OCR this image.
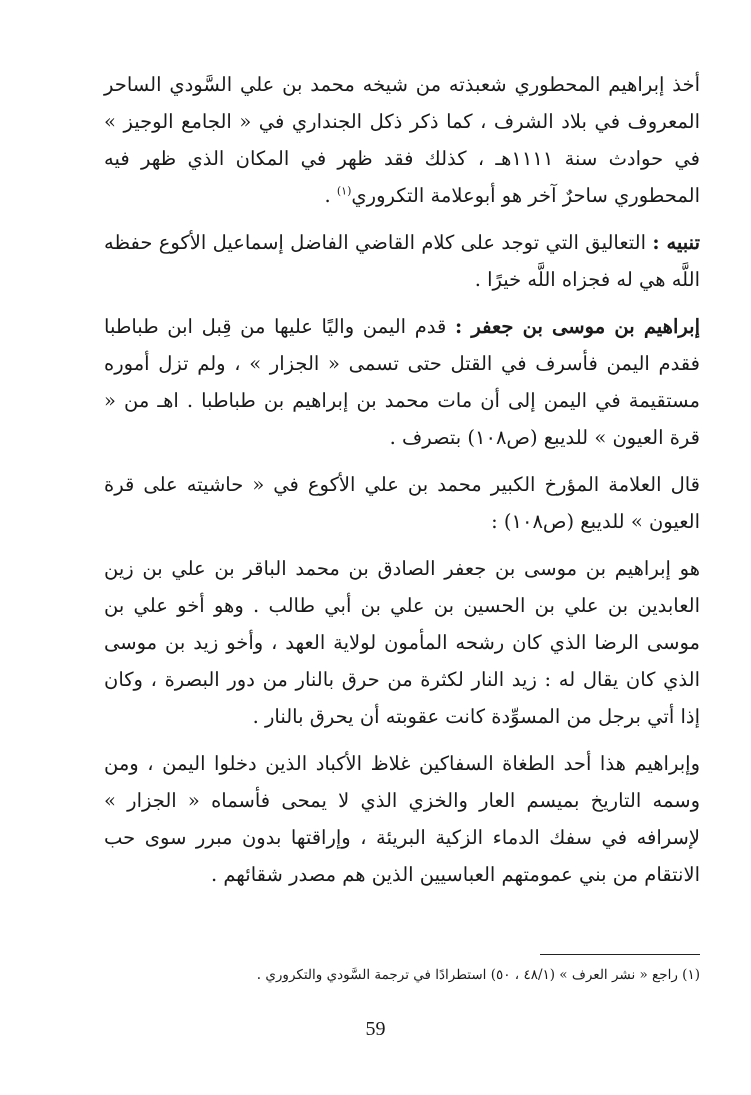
أخذ إبراهيم المحطوري شعبذته من شيخه محمد بن علي السَّودي الساحر المعروف في بلاد الشرف ، كما ذكر ذكل الجنداري في « الجامع الوجيز » في حوادث سنة ١١١١هـ ، كذلك فقد ظهر في المكان الذي ظهر فيه المحطوري ساحرٌ آخر هو أبوعلامة التكروري$^{(١)}$ .

تنبيه : التعاليق التي توجد على كلام القاضي الفاضل إسماعيل الأكوع حفظه اللَّه هي له فجزاه اللَّه خيرًا .

إبراهيم بن موسى بن جعفر : قدم اليمن واليًا عليها من قِبل ابن طباطبا فقدم اليمن فأسرف في القتل حتى تسمى « الجزار » ، ولم تزل أموره مستقيمة في اليمن إلى أن مات محمد بن إبراهيم بن طباطبا . اهـ من « قرة العيون » للديبع (ص١٠٨) بتصرف .

قال العلامة المؤرخ الكبير محمد بن علي الأكوع في « حاشيته على قرة العيون » للديبع (ص١٠٨) :

هو إبراهيم بن موسى بن جعفر الصادق بن محمد الباقر بن علي بن زين العابدين بن علي بن الحسين بن علي بن أبي طالب . وهو أخو علي بن موسى الرضا الذي كان رشحه المأمون لولاية العهد ، وأخو زيد بن موسى الذي كان يقال له : زيد النار لكثرة من حرق بالنار من دور البصرة ، وكان إذا أتي برجل من المسوِّدة كانت عقوبته أن يحرق بالنار .

وإبراهيم هذا أحد الطغاة السفاكين غلاظ الأكباد الذين دخلوا اليمن ، ومن وسمه التاريخ بميسم العار والخزي الذي لا يمحى فأسماه « الجزار » لإسرافه في سفك الدماء الزكية البريئة ، وإراقتها بدون مبرر سوى حب الانتقام من بني عمومتهم العباسيين الذين هم مصدر شقائهم .

(١) راجع « نشر العرف » (٤٨/١ ، ٥٠) استطرادًا في ترجمة السَّودي والتكروري .
59
